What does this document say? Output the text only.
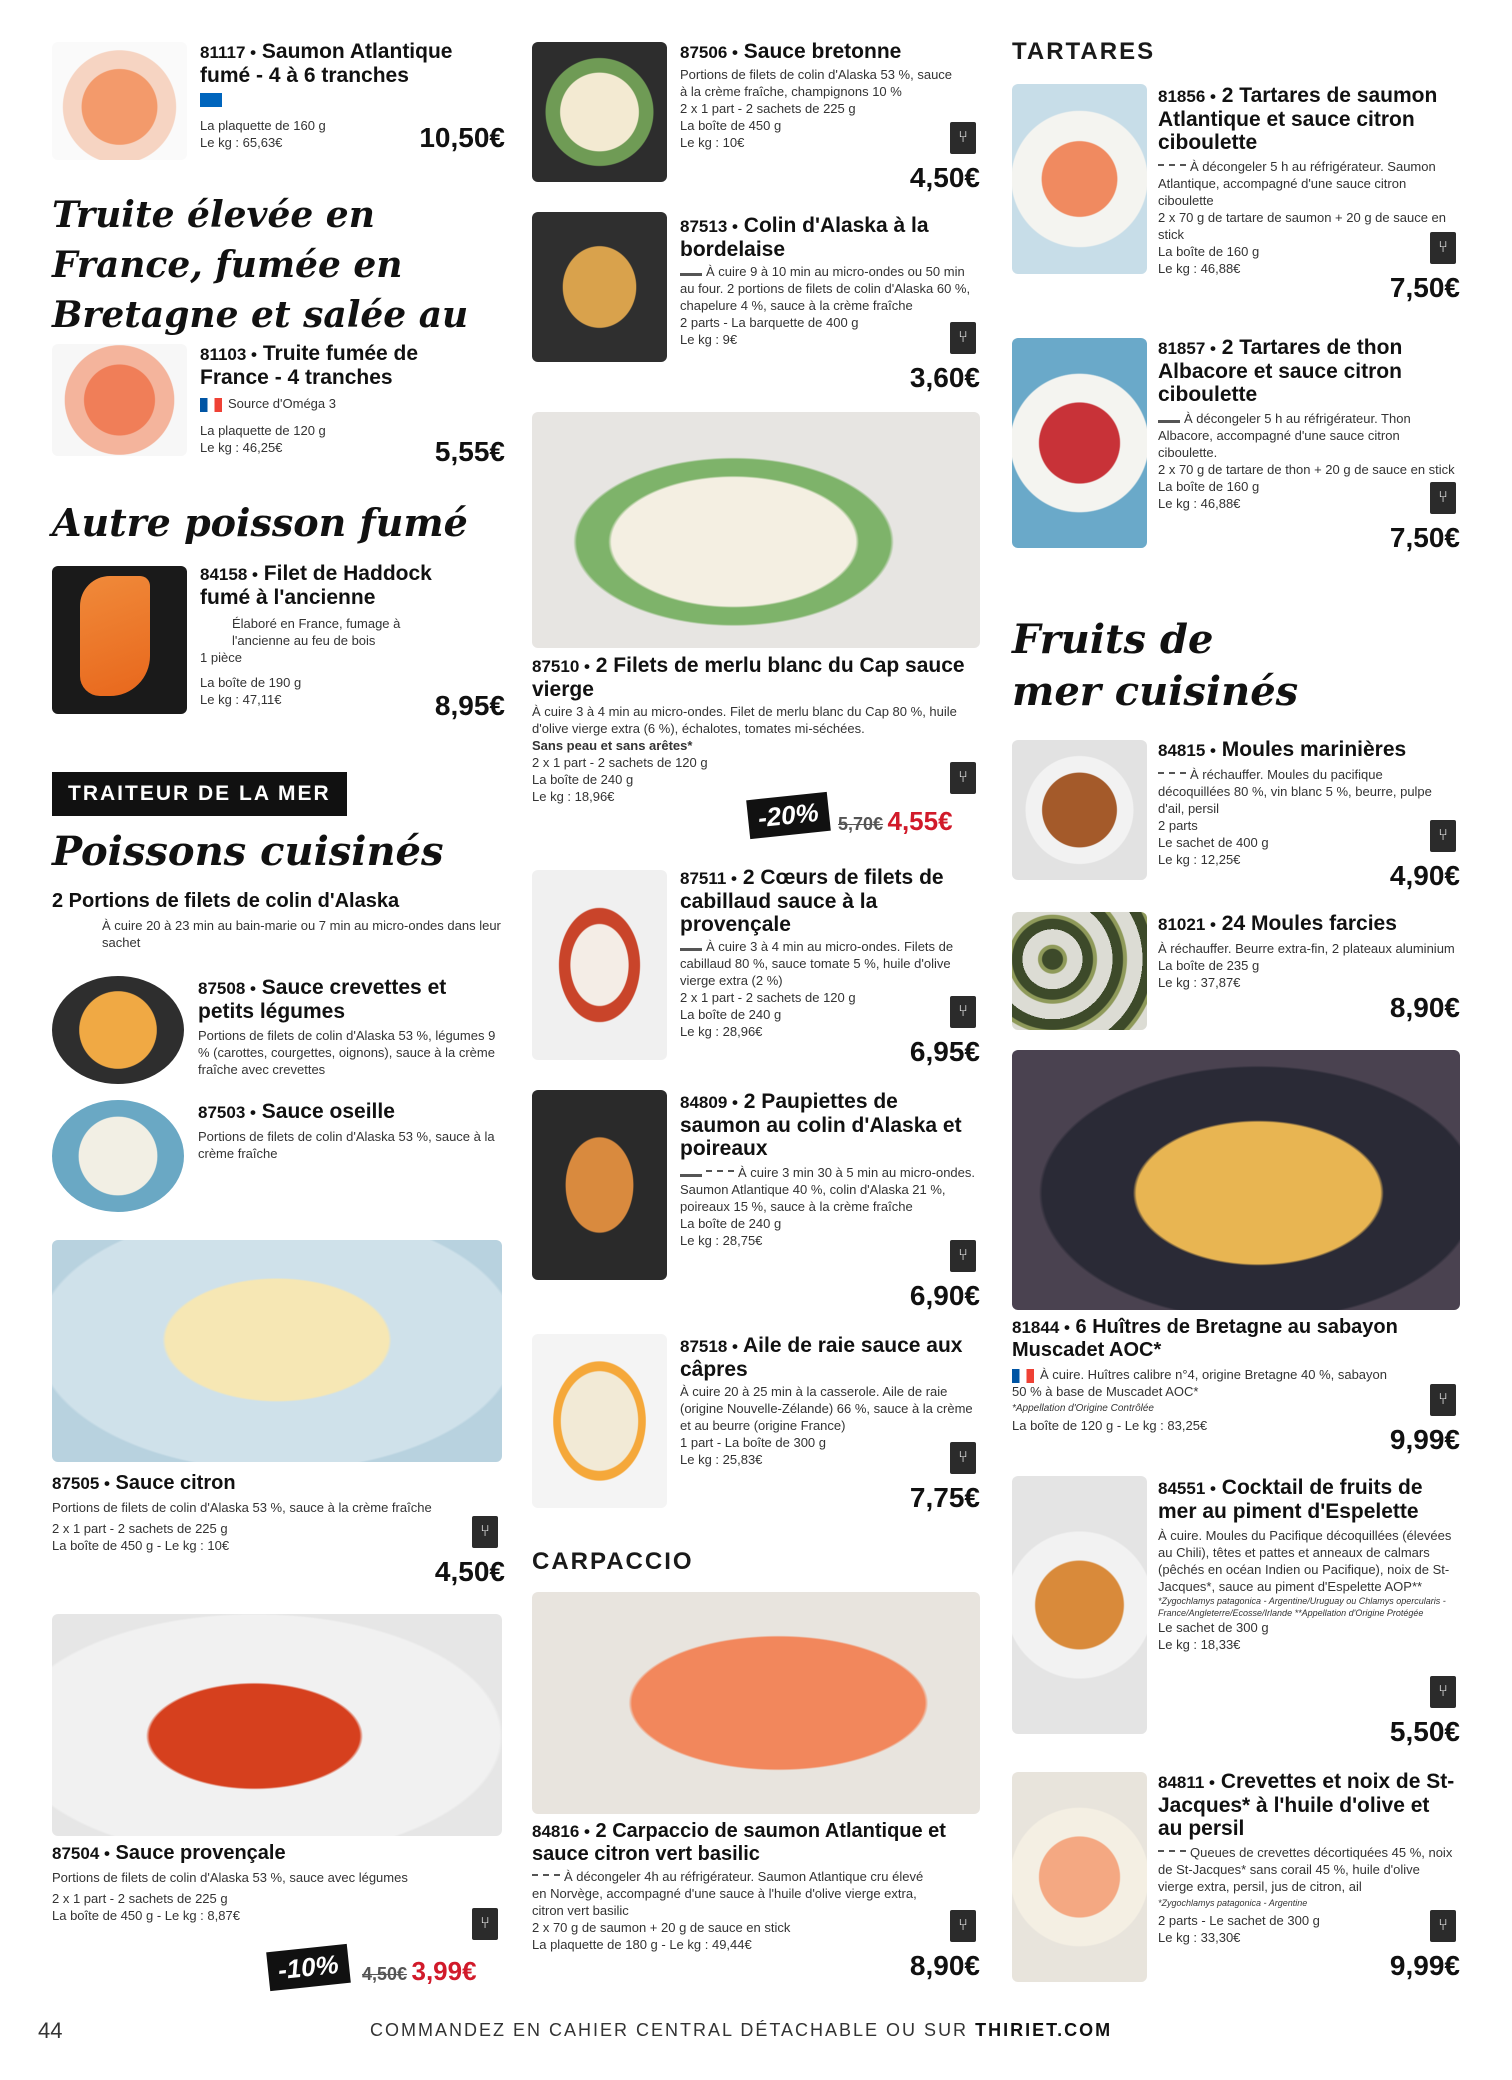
81117 • Saumon Atlantique fumé - 4 à 6 tranches
La plaquette de 160 g
Le kg : 65,63€	10,50€
Truite élevée en France, fumée en Bretagne et salée au
81103 • Truite fumée de France - 4 tranches
Source d'Oméga 3
La plaquette de 120 g
Le kg : 46,25€	5,55€
Autre poisson fumé
84158 • Filet de Haddock fumé à l'ancienne
Élaboré en France, fumage à l'ancienne au feu de bois
1 pièce
La boîte de 190 g
Le kg : 47,11€	8,95€
TRAITEUR DE LA MER
Poissons cuisinés
2 Portions de filets de colin d'Alaska
À cuire 20 à 23 min au bain-marie ou 7 min au micro-ondes dans leur sachet
87508 • Sauce crevettes et petits légumes
Portions de filets de colin d'Alaska 53 %, légumes 9 % (carottes, courgettes, oignons), sauce à la crème fraîche avec crevettes
87503 • Sauce oseille
Portions de filets de colin d'Alaska 53 %, sauce à la crème fraîche
87505 • Sauce citron
Portions de filets de colin d'Alaska 53 %, sauce à la crème fraîche
2 x 1 part - 2 sachets de 225 g
La boîte de 450 g - Le kg : 10€
⑂
4,50€
87504 • Sauce provençale
Portions de filets de colin d'Alaska 53 %, sauce avec légumes
2 x 1 part - 2 sachets de 225 g
La boîte de 450 g - Le kg : 8,87€	⑂
-10%	4,50€ 3,99€
87506 • Sauce bretonne
Portions de filets de colin d'Alaska 53 %, sauce à la crème fraîche, champignons 10 %
2 x 1 part - 2 sachets de 225 g
La boîte de 450 g
Le kg : 10€	⑂
4,50€
87513 • Colin d'Alaska à la bordelaise
À cuire 9 à 10 min au micro-ondes ou 50 min au four. 2 portions de filets de colin d'Alaska 60 %, chapelure 4 %, sauce à la crème fraîche
2 parts - La barquette de 400 g
Le kg : 9€	⑂
3,60€
87510 • 2 Filets de merlu blanc du Cap sauce vierge
À cuire 3 à 4 min au micro-ondes. Filet de merlu blanc du Cap 80 %, huile d'olive vierge extra (6 %), échalotes, tomates mi-séchées.
Sans peau et sans arêtes*
2 x 1 part - 2 sachets de 120 g
La boîte de 240 g
Le kg : 18,96€
⑂
-20% 5,70€ 4,55€
87511 • 2 Cœurs de filets de cabillaud sauce à la provençale
À cuire 3 à 4 min au micro-ondes. Filets de cabillaud 80 %, sauce tomate 5 %, huile d'olive vierge extra (2 %)
2 x 1 part - 2 sachets de 120 g
La boîte de 240 g
Le kg : 28,96€
⑂
6,95€
84809 • 2 Paupiettes de saumon au colin d'Alaska et poireaux
À cuire 3 min 30 à 5 min au micro-ondes. Saumon Atlantique 40 %, colin d'Alaska 21 %, poireaux 15 %, sauce à la crème fraîche
La boîte de 240 g
Le kg : 28,75€
⑂
6,90€
87518 • Aile de raie sauce aux câpres
À cuire 20 à 25 min à la casserole. Aile de raie (origine Nouvelle-Zélande) 66 %, sauce à la crème et au beurre (origine France)
1 part - La boîte de 300 g
Le kg : 25,83€	⑂
7,75€
CARPACCIO
84816 • 2 Carpaccio de saumon Atlantique et sauce citron vert basilic
À décongeler 4h au réfrigérateur. Saumon Atlantique cru élevé en Norvège, accompagné d'une sauce à l'huile d'olive vierge extra, citron vert basilic
2 x 70 g de saumon + 20 g de sauce en stick
La plaquette de 180 g - Le kg : 49,44€
⑂
8,90€
TARTARES
81856 • 2 Tartares de saumon Atlantique et sauce citron ciboulette
À décongeler 5 h au réfrigérateur. Saumon Atlantique, accompagné d'une sauce citron ciboulette
2 x 70 g de tartare de saumon + 20 g de sauce en stick
La boîte de 160 g
Le kg : 46,88€
⑂
7,50€
81857 • 2 Tartares de thon Albacore et sauce citron ciboulette
À décongeler 5 h au réfrigérateur. Thon Albacore, accompagné d'une sauce citron ciboulette.
2 x 70 g de tartare de thon + 20 g de sauce en stick
La boîte de 160 g
Le kg : 46,88€	⑂
7,50€
Fruits de mer cuisinés
84815 • Moules marinières
À réchauffer. Moules du pacifique décoquillées 80 %, vin blanc 5 %, beurre, pulpe d'ail, persil
2 parts
Le sachet de 400 g
Le kg : 12,25€
⑂
4,90€
81021 • 24 Moules farcies
À réchauffer. Beurre extra-fin, 2 plateaux aluminium
La boîte de 235 g
Le kg : 37,87€
8,90€
81844 • 6 Huîtres de Bretagne au sabayon Muscadet AOC*
À cuire. Huîtres calibre n°4, origine Bretagne 40 %, sabayon 50 % à base de Muscadet AOC*
*Appellation d'Origine Contrôlée
La boîte de 120 g - Le kg : 83,25€
⑂
9,99€
84551 • Cocktail de fruits de mer au piment d'Espelette
À cuire. Moules du Pacifique décoquillées (élevées au Chili), têtes et pattes et anneaux de calmars (pêchés en océan Indien ou Pacifique), noix de St-Jacques*, sauce au piment d'Espelette AOP**
*Zygochlamys patagonica - Argentine/Uruguay ou Chlamys opercularis - France/Angleterre/Ecosse/Irlande **Appellation d'Origine Protégée
Le sachet de 300 g
Le kg : 18,33€
⑂
5,50€
84811 • Crevettes et noix de St-Jacques* à l'huile d'olive et au persil
Queues de crevettes décortiquées 45 %, noix de St-Jacques* sans corail 45 %, huile d'olive vierge extra, persil, jus de citron, ail
*Zygochlamys patagonica - Argentine
2 parts - Le sachet de 300 g
Le kg : 33,30€
⑂
9,99€
44	COMMANDEZ EN CAHIER CENTRAL DÉTACHABLE OU SUR THIRIET.COM
